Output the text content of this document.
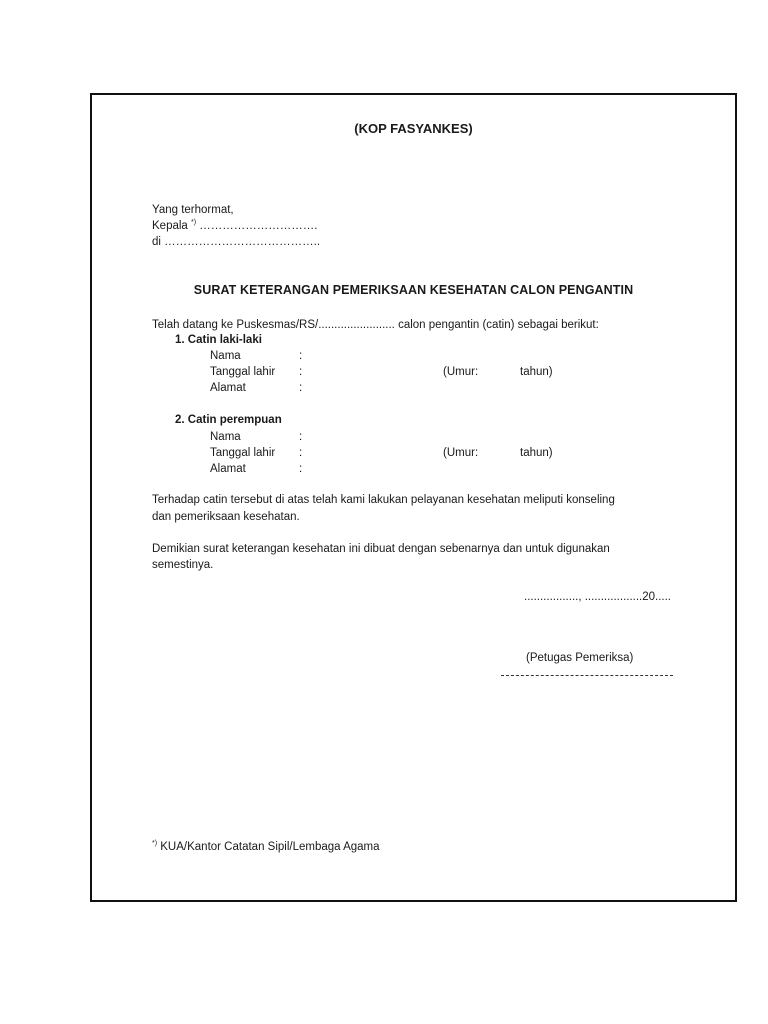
(KOP FASYANKES)
Yang terhormat,
Kepala *) ………………………….
di …………………………………..
SURAT KETERANGAN PEMERIKSAAN KESEHATAN CALON PENGANTIN
Telah datang ke Puskesmas/RS/........................ calon pengantin (catin) sebagai berikut:
1. Catin laki-laki
Nama	:
Tanggal lahir :	(Umur:	tahun)
Alamat	:
2. Catin perempuan
Nama	:
Tanggal lahir :	(Umur:	tahun)
Alamat	:
Terhadap catin tersebut di atas telah kami lakukan pelayanan kesehatan meliputi konseling
dan pemeriksaan kesehatan.
Demikian surat keterangan kesehatan ini dibuat dengan sebenarnya dan untuk digunakan
semestinya.
................., ..................20.....
(Petugas Pemeriksa)
*) KUA/Kantor Catatan Sipil/Lembaga Agama
